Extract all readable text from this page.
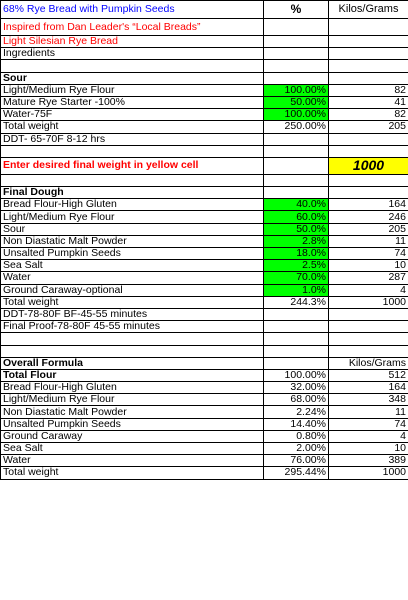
68% Rye Bread with Pumpkin Seeds	%	Kilos/Grams
Inspired from Dan Leader's “Local Breads”		
Light Silesian Rye Bread		
Ingredients		

Sour		
Light/Medium Rye Flour	100.00%	82
Mature Rye Starter -100%	50.00%	41
Water-75F	100.00%	82
Total weight	250.00%	205
DDT- 65-70F 8-12 hrs		

Enter desired final weight in yellow cell		1000

Final Dough		
Bread Flour-High Gluten	40.0%	164
Light/Medium Rye Flour	60.0%	246
Sour	50.0%	205
Non Diastatic Malt Powder	2.8%	11
Unsalted Pumpkin Seeds	18.0%	74
Sea Salt	2.5%	10
Water	70.0%	287
Ground Caraway-optional	1.0%	4
Total weight	244.3%	1000
DDT-78-80F BF-45-55 minutes		
Final Proof-78-80F 45-55 minutes		

Overall Formula		Kilos/Grams
Total Flour	100.00%	512
Bread Flour-High Gluten	32.00%	164
Light/Medium Rye Flour	68.00%	348
Non Diastatic Malt Powder	2.24%	11
Unsalted Pumpkin Seeds	14.40%	74
Ground Caraway	0.80%	4
Sea Salt	2.00%	10
Water	76.00%	389
Total weight	295.44%	1000
